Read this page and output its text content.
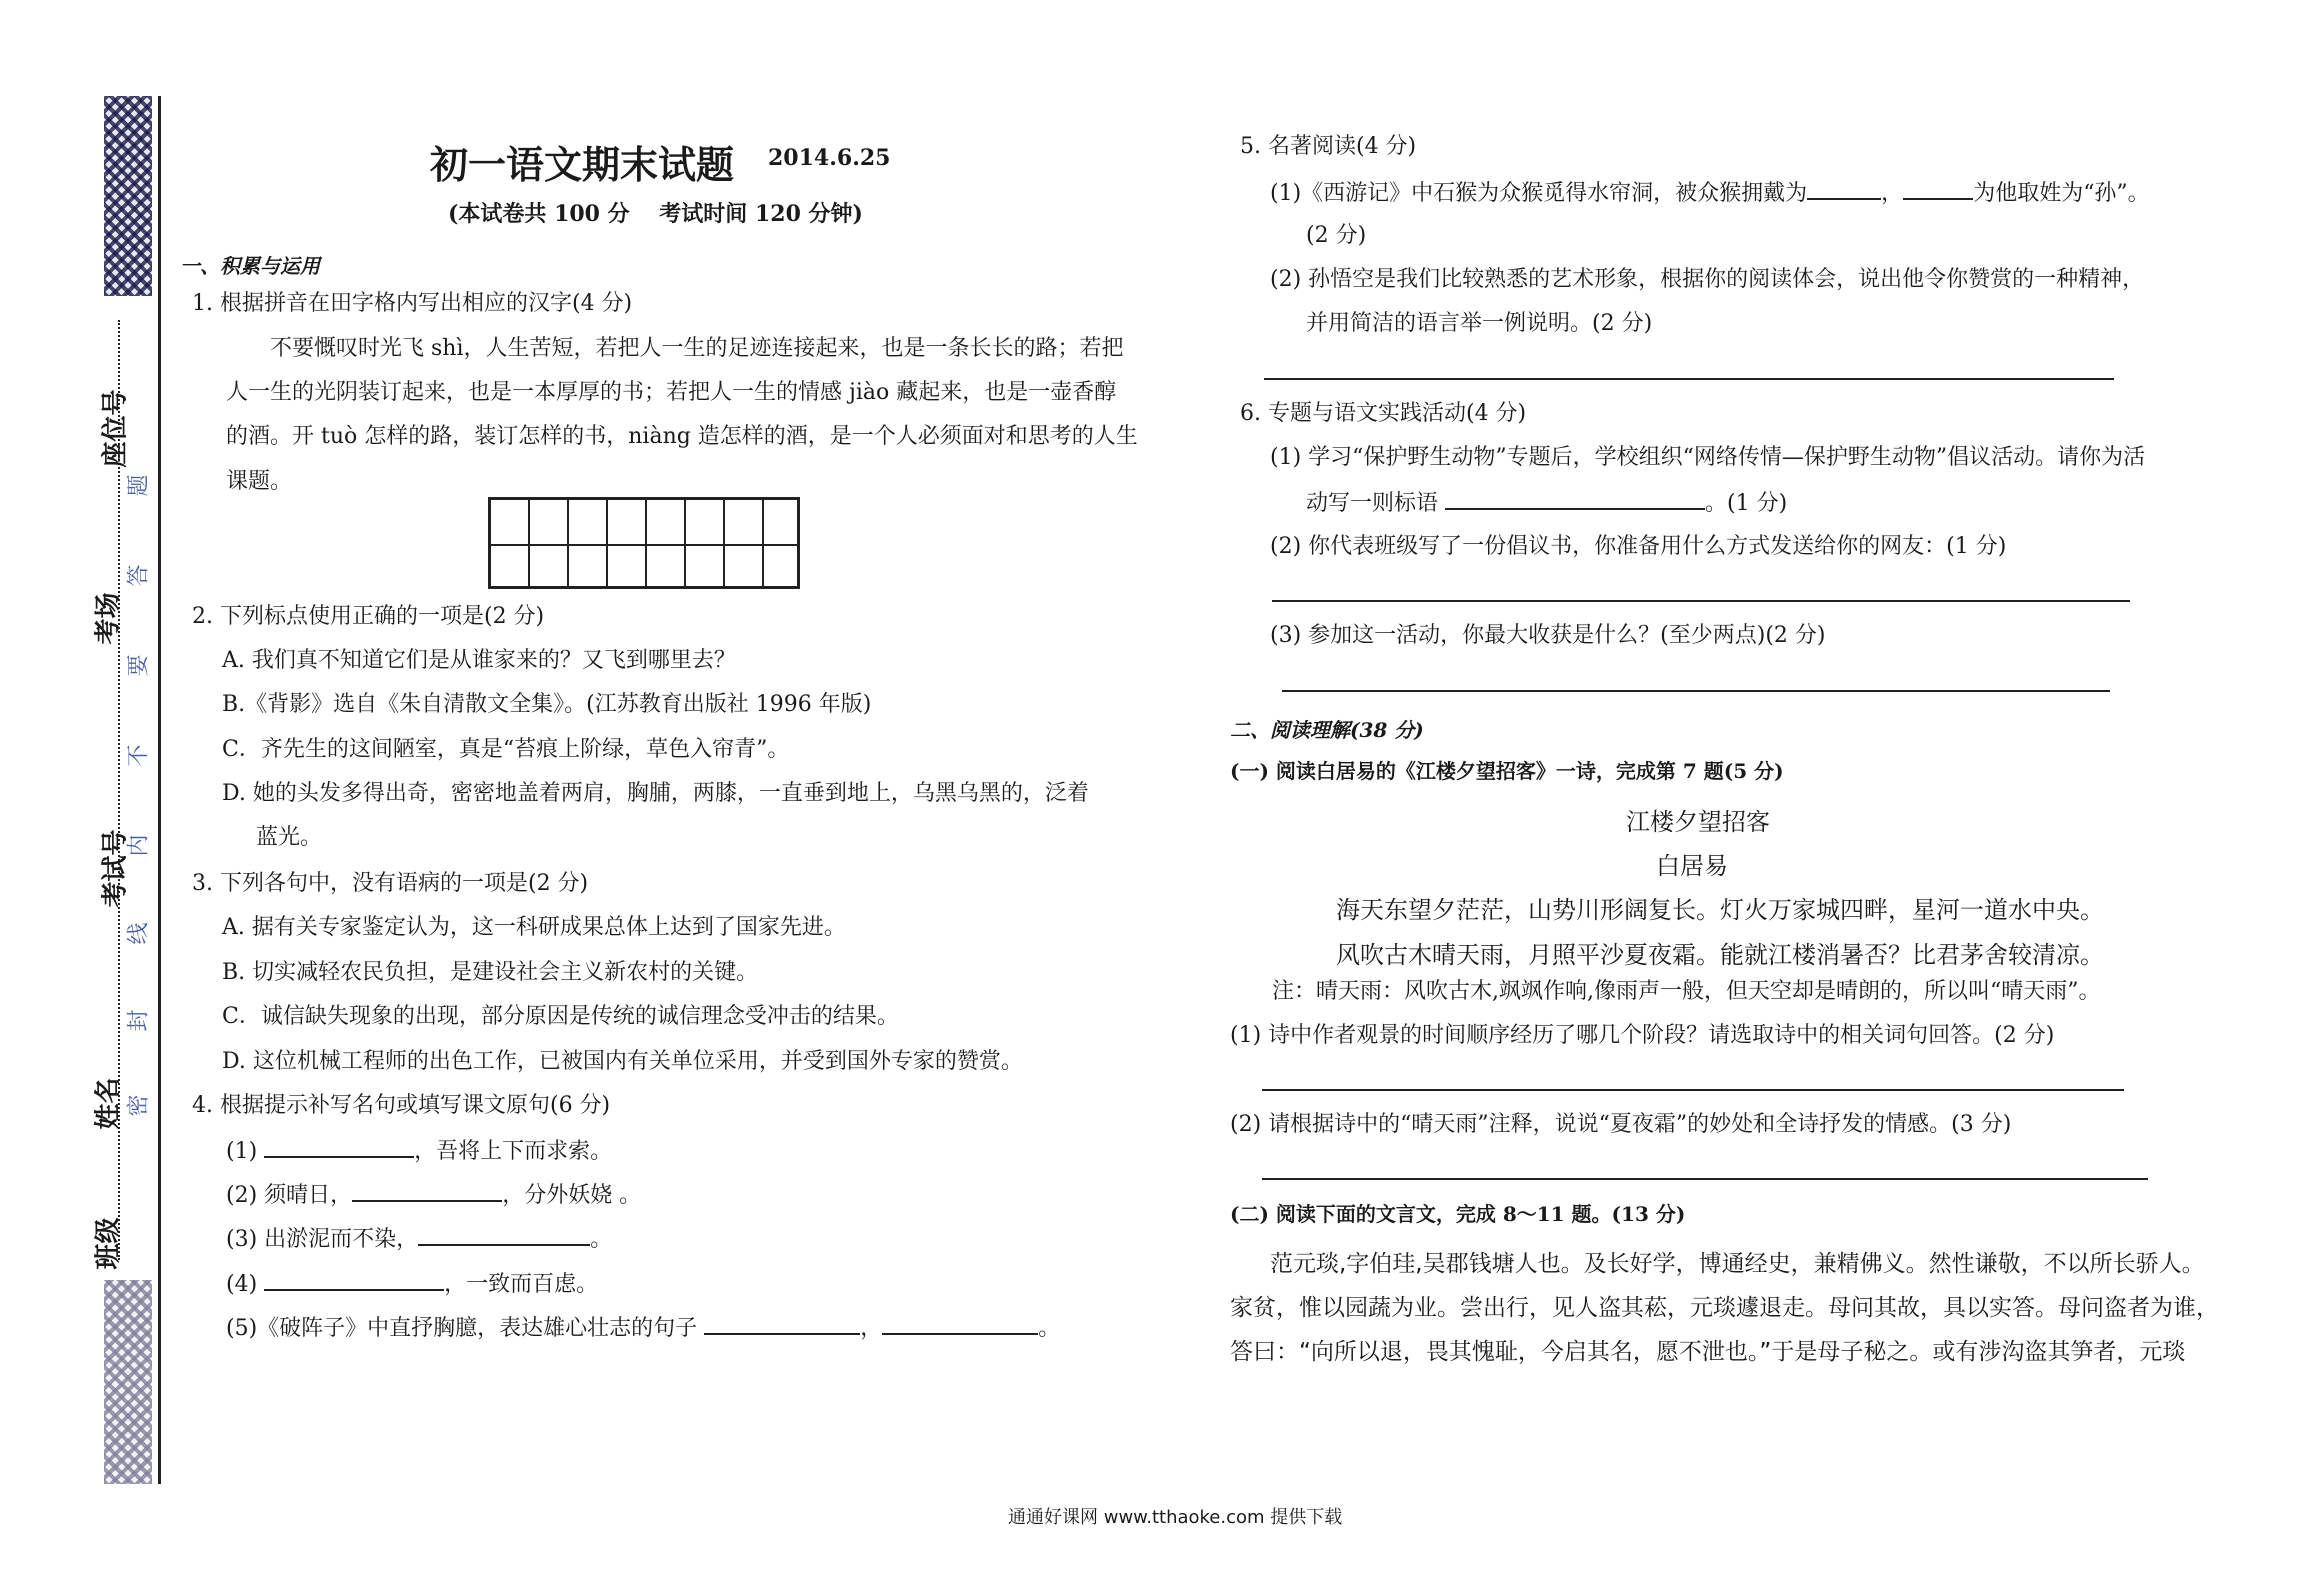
班级
姓名
考试号
考场
座位号
密
封
线
内
不
要
答
题
初一语文期末试题 2014.6.25
(本试卷共 100 分　 考试时间 120 分钟)
一、积累与运用
1. 根据拼音在田字格内写出相应的汉字(4 分)
不要慨叹时光飞 shì，人生苦短，若把人一生的足迹连接起来，也是一条长长的路；若把
人一生的光阴装订起来，也是一本厚厚的书；若把人一生的情感 jiào 藏起来，也是一壶香醇
的酒。开 tuò 怎样的路，装订怎样的书，niàng 造怎样的酒，是一个人必须面对和思考的人生
课题。
2. 下列标点使用正确的一项是(2 分)
A. 我们真不知道它们是从谁家来的？又飞到哪里去？
B.《背影》选自《朱自清散文全集》。(江苏教育出版社 1996 年版)
C．齐先生的这间陋室，真是“苔痕上阶绿，草色入帘青”。
D. 她的头发多得出奇，密密地盖着两肩，胸脯，两膝，一直垂到地上，乌黑乌黑的，泛着
蓝光。
3. 下列各句中，没有语病的一项是(2 分)
A. 据有关专家鉴定认为，这一科研成果总体上达到了国家先进。
B. 切实减轻农民负担，是建设社会主义新农村的关键。
C．诚信缺失现象的出现，部分原因是传统的诚信理念受冲击的结果。
D. 这位机械工程师的出色工作，已被国内有关单位采用，并受到国外专家的赞赏。
4. 根据提示补写名句或填写课文原句(6 分)
(1)	，吾将上下而求索。
(2) 须晴日，	，分外妖娆 。
(3) 出淤泥而不染，	。
(4)	，一致而百虑。
(5)《破阵子》中直抒胸臆，表达雄心壮志的句子	，	。
5. 名著阅读(4 分)
(1)《西游记》中石猴为众猴觅得水帘洞，被众猴拥戴为	，	为他取姓为“孙”。
(2 分)
(2) 孙悟空是我们比较熟悉的艺术形象，根据你的阅读体会，说出他令你赞赏的一种精神，
并用简洁的语言举一例说明。(2 分)
6. 专题与语文实践活动(4 分)
(1) 学习“保护野生动物”专题后，学校组织“网络传情—保护野生动物”倡议活动。请你为活
动写一则标语	。(1 分)
(2) 你代表班级写了一份倡议书，你准备用什么方式发送给你的网友：(1 分)
(3) 参加这一活动，你最大收获是什么？(至少两点)(2 分)
二、阅读理解(38 分)
(一) 阅读白居易的《江楼夕望招客》一诗，完成第 7 题(5 分)
江楼夕望招客
白居易
海天东望夕茫茫，山势川形阔复长。灯火万家城四畔，星河一道水中央。
风吹古木晴天雨，月照平沙夏夜霜。能就江楼消暑否？比君茅舍较清凉。
注：晴天雨：风吹古木,飒飒作响,像雨声一般，但天空却是晴朗的，所以叫“晴天雨”。
(1) 诗中作者观景的时间顺序经历了哪几个阶段？请选取诗中的相关词句回答。(2 分)
(2) 请根据诗中的“晴天雨”注释，说说“夏夜霜”的妙处和全诗抒发的情感。(3 分)
(二) 阅读下面的文言文，完成 8～11 题。(13 分)
范元琰,字伯珪,吴郡钱塘人也。及长好学，博通经史，兼精佛义。然性谦敬，不以所长骄人。
家贫，惟以园蔬为业。尝出行，见人盗其菘，元琰遽退走。母问其故，具以实答。母问盗者为谁，
答曰：“向所以退，畏其愧耻，今启其名，愿不泄也。”于是母子秘之。或有涉沟盗其笋者，元琰
通通好课网 www.tthaoke.com 提供下载
